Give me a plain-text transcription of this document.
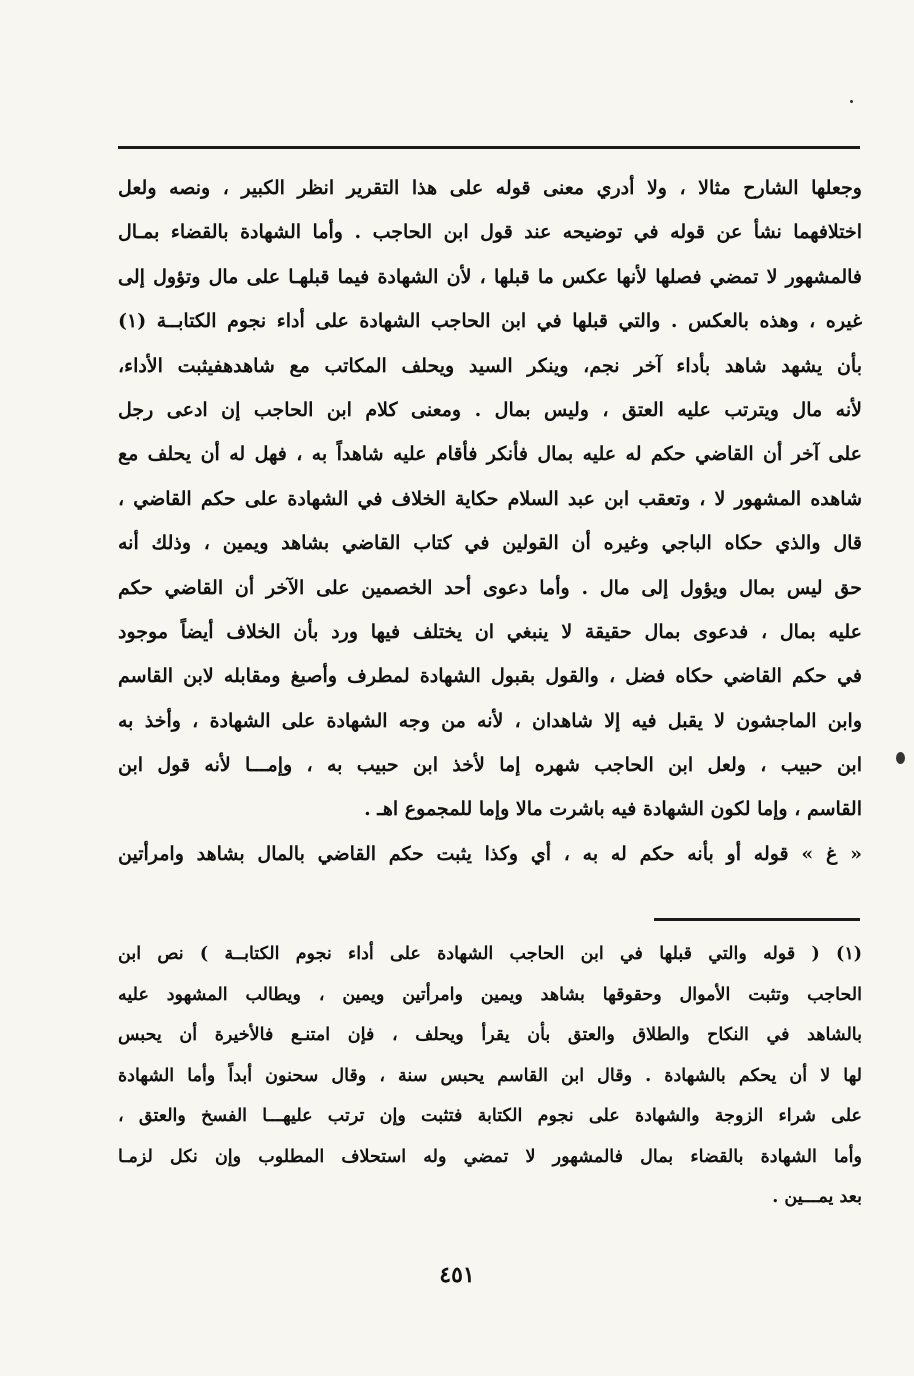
وجعلها الشارح مثالا ، ولا أدري معنى قوله على هذا التقرير انظر الكبير ، ونصه ولعل
اختلافهما نشأ عن قوله في توضيحه عند قول ابن الحاجب . وأما الشهادة بالقضاء بمـال
فالمشهور لا تمضي فصلها لأنها عكس ما قبلها ، لأن الشهادة فيما قبلهـا على مال وتؤول إلى
غيره ، وهذه بالعكس . والتي قبلها في ابن الحاجب الشهادة على أداء نجوم الكتابــة (١)
بأن يشهد شاهد بأداء آخر نجم، وينكر السيد ويحلف المكاتب مع شاهدهفيثبت الأداء،
لأنه مال ويترتب عليه العتق ، وليس بمال . ومعنى كلام ابن الحاجب إن ادعى رجل
على آخر أن القاضي حكم له عليه بمال فأنكر فأقام عليه شاهداً به ، فهل له أن يحلف مع
شاهده المشهور لا ، وتعقب ابن عبد السلام حكاية الخلاف في الشهادة على حكم القاضي ،
قال والذي حكاه الباجي وغيره أن القولين في كتاب القاضي بشاهد ويمين ، وذلك أنه
حق ليس بمال ويؤول إلى مال . وأما دعوى أحد الخصمين على الآخر أن القاضي حكم
عليه بمال ، فدعوى بمال حقيقة لا ينبغي ان يختلف فيها ورد بأن الخلاف أيضاً موجود
في حكم القاضي حكاه فضل ، والقول بقبول الشهادة لمطرف وأصبغ ومقابله لابن القاسم
وابن الماجشون لا يقبل فيه إلا شاهدان ، لأنه من وجه الشهادة على الشهادة ، وأخذ به
ابن حبيب ، ولعل ابن الحاجب شهره إما لأخذ ابن حبيب به ، وإمـــا لأنه قول ابن
القاسم ، وإما لكون الشهادة فيه باشرت مالا وإما للمجموع اهـ .
« غ » قوله أو بأنه حكم له به ، أي وكذا يثبت حكم القاضي بالمال بشاهد وامرأتين
(١) ( قوله والتي قبلها في ابن الحاجب الشهادة على أداء نجوم الكتابــة ) نص ابن
الحاجب وتثبت الأموال وحقوقها بشاهد ويمين وامرأتين ويمين ، ويطالب المشهود عليه
بالشاهد في النكاح والطلاق والعتق بأن يقرأ ويحلف ، فإن امتنـع فالأخيرة أن يحبس
لها لا أن يحكم بالشهادة . وقال ابن القاسم يحبس سنة ، وقال سحنون أبداً وأما الشهادة
على شراء الزوجة والشهادة على نجوم الكتابة فتثبت وإن ترتب عليهـــا الفسخ والعتق ،
وأما الشهادة بالقضاء بمال فالمشهور لا تمضي وله استحلاف المطلوب وإن نكل لزمـا
بعد يمـــين .
٤٥١
